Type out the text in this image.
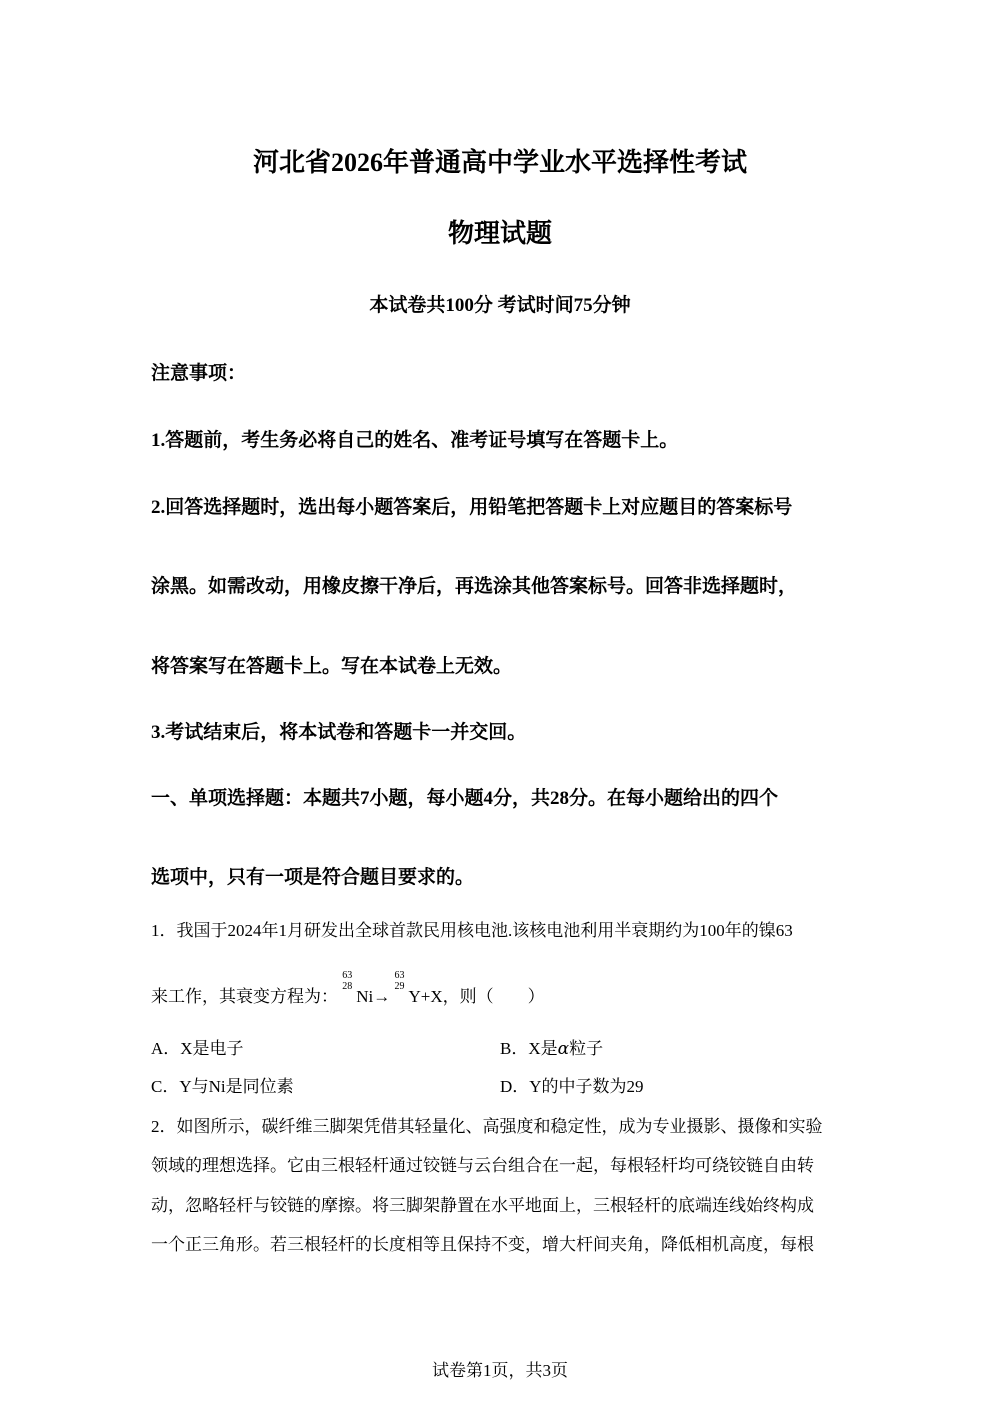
河北省2026年普通高中学业水平选择性考试
物理试题
本试卷共100分 考试时间75分钟
注意事项：
1.答题前，考生务必将自己的姓名、准考证号填写在答题卡上。
2.回答选择题时，选出每小题答案后，用铅笔把答题卡上对应题目的答案标号
涂黑。如需改动，用橡皮擦干净后，再选涂其他答案标号。回答非选择题时，
将答案写在答题卡上。写在本试卷上无效。
3.考试结束后，将本试卷和答题卡一并交回。
一、单项选择题：本题共7小题，每小题4分，共28分。在每小题给出的四个
选项中，只有一项是符合题目要求的。
1．我国于2024年1月研发出全球首款民用核电池.该核电池利用半衰期约为100年的镍63
来工作，其衰变方程为：
63
28
Ni→
63
29
Y+X，则（　　）
A．X是电子	B．X是α粒子
C．Y与Ni是同位素	D．Y的中子数为29
2．如图所示，碳纤维三脚架凭借其轻量化、高强度和稳定性，成为专业摄影、摄像和实验
领域的理想选择。它由三根轻杆通过铰链与云台组合在一起，每根轻杆均可绕铰链自由转
动，忽略轻杆与铰链的摩擦。将三脚架静置在水平地面上，三根轻杆的底端连线始终构成
一个正三角形。若三根轻杆的长度相等且保持不变，增大杆间夹角，降低相机高度，每根
试卷第1页，共3页
